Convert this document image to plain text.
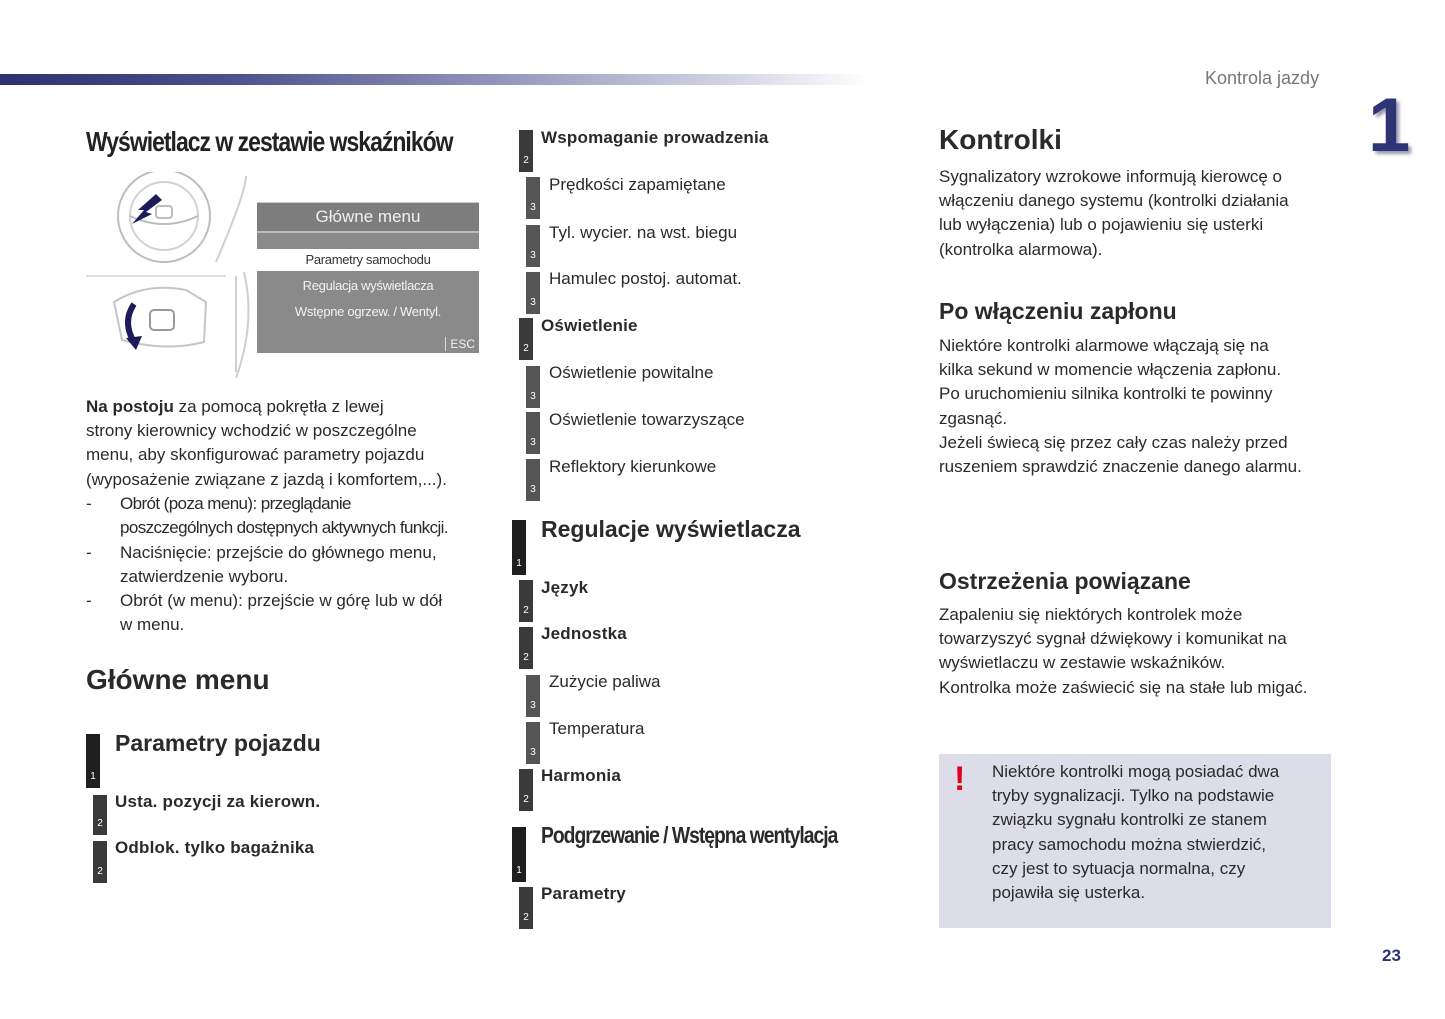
Kontrola jazdy
1
23
Wyświetlacz w zestawie wskaźników
Główne menu
Parametry samochodu
Regulacja wyświetlacza
Wstępne ogrzew. / Wentyl.
ESC
Na postoju za pomocą pokrętła z lewej
strony kierownicy wchodzić w poszczególne
menu, aby skonfigurować parametry pojazdu
(wyposażenie związane z jazdą i komfortem,...).
- Obrót (poza menu): przeglądanie
poszczególnych dostępnych aktywnych funkcji.
- Naciśnięcie: przejście do głównego menu,
zatwierdzenie wyboru.
- Obrót (w menu): przejście w górę lub w dół
w menu.
Główne menu
1
Parametry pojazdu
2
Usta. pozycji za kierown.
2
Odblok. tylko bagażnika
2
Wspomaganie prowadzenia
3
Prędkości zapamiętane
3
Tyl. wycier. na wst. biegu
3
Hamulec postoj. automat.
2
Oświetlenie
3
Oświetlenie powitalne
3
Oświetlenie towarzyszące
3
Reflektory kierunkowe
1
Regulacje wyświetlacza
2
Język
2
Jednostka
3
Zużycie paliwa
3
Temperatura
2
Harmonia
1
Podgrzewanie / Wstępna wentylacja
2
Parametry
Kontrolki
Sygnalizatory wzrokowe informują kierowcę o
włączeniu danego systemu (kontrolki działania
lub wyłączenia) lub o pojawieniu się usterki
(kontrolka alarmowa).
Po włączeniu zapłonu
Niektóre kontrolki alarmowe włączają się na
kilka sekund w momencie włączenia zapłonu.
Po uruchomieniu silnika kontrolki te powinny
zgasnąć.
Jeżeli świecą się przez cały czas należy przed
ruszeniem sprawdzić znaczenie danego alarmu.
Ostrzeżenia powiązane
Zapaleniu się niektórych kontrolek może
towarzyszyć sygnał dźwiękowy i komunikat na
wyświetlaczu w zestawie wskaźników.
Kontrolka może zaświecić się na stałe lub migać.
! Niektóre kontrolki mogą posiadać dwa
tryby sygnalizacji. Tylko na podstawie
związku sygnału kontrolki ze stanem
pracy samochodu można stwierdzić,
czy jest to sytuacja normalna, czy
pojawiła się usterka.
